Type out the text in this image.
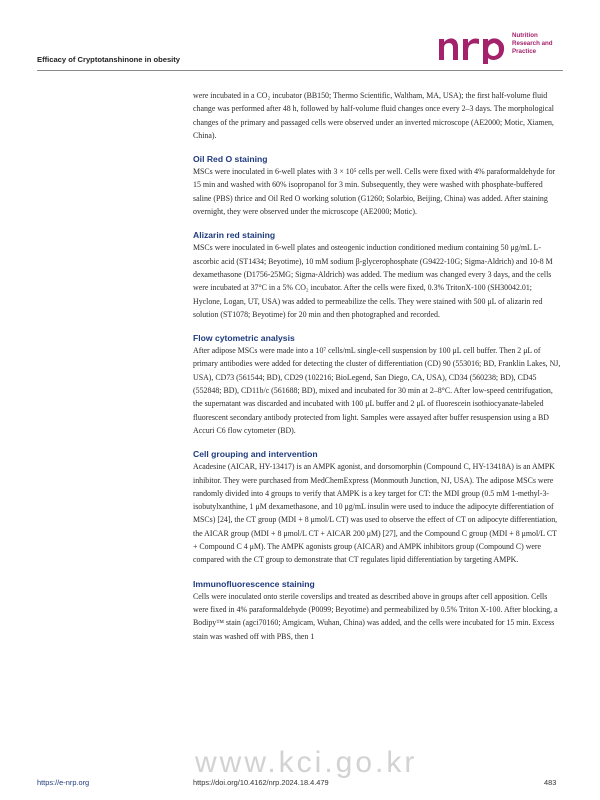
Efficacy of Cryptotanshinone in obesity
Nutrition
Research and
Practice

were incubated in a CO₂ incubator (BB150; Thermo Scientific, Waltham, MA, USA); the first half-volume fluid change was performed after 48 h, followed by half-volume fluid changes once every 2–3 days. The morphological changes of the primary and passaged cells were observed under an inverted microscope (AE2000; Motic, Xiamen, China).

Oil Red O staining

MSCs were inoculated in 6-well plates with 3 × 10⁵ cells per well. Cells were fixed with 4% paraformaldehyde for 15 min and washed with 60% isopropanol for 3 min. Subsequently, they were washed with phosphate-buffered saline (PBS) thrice and Oil Red O working solution (G1260; Solarbio, Beijing, China) was added. After staining overnight, they were observed under the microscope (AE2000; Motic).

Alizarin red staining

MSCs were inoculated in 6-well plates and osteogenic induction conditioned medium containing 50 μg/mL L-ascorbic acid (ST1434; Beyotime), 10 mM sodium β-glycerophosphate (G9422-10G; Sigma-Aldrich) and 10-8 M dexamethasone (D1756-25MG; Sigma-Aldrich) was added. The medium was changed every 3 days, and the cells were incubated at 37°C in a 5% CO₂ incubator. After the cells were fixed, 0.3% TritonX-100 (SH30042.01; Hyclone, Logan, UT, USA) was added to permeabilize the cells. They were stained with 500 μL of alizarin red solution (ST1078; Beyotime) for 20 min and then photographed and recorded.

Flow cytometric analysis

After adipose MSCs were made into a 10⁷ cells/mL single-cell suspension by 100 μL cell buffer. Then 2 μL of primary antibodies were added for detecting the cluster of differentiation (CD) 90 (553016; BD, Franklin Lakes, NJ, USA), CD73 (561544; BD), CD29 (102216; BioLegend, San Diego, CA, USA), CD34 (560238; BD), CD45 (552848; BD), CD11b/c (561688; BD), mixed and incubated for 30 min at 2–8°C. After low-speed centrifugation, the supernatant was discarded and incubated with 100 μL buffer and 2 μL of fluorescein isothiocyanate-labeled fluorescent secondary antibody protected from light. Samples were assayed after buffer resuspension using a BD Accuri C6 flow cytometer (BD).

Cell grouping and intervention

Acadesine (AICAR, HY-13417) is an AMPK agonist, and dorsomorphin (Compound C, HY-13418A) is an AMPK inhibitor. They were purchased from MedChemExpress (Monmouth Junction, NJ, USA). The adipose MSCs were randomly divided into 4 groups to verify that AMPK is a key target for CT: the MDI group (0.5 mM 1-methyl-3-isobutylxanthine, 1 μM dexamethasone, and 10 μg/mL insulin were used to induce the adipocyte differentiation of MSCs) [24], the CT group (MDI + 8 μmol/L CT) was used to observe the effect of CT on adipocyte differentiation, the AICAR group (MDI + 8 μmol/L CT + AICAR 200 μM) [27], and the Compound C group (MDI + 8 μmol/L CT + Compound C 4 μM). The AMPK agonists group (AICAR) and AMPK inhibitors group (Compound C) were compared with the CT group to demonstrate that CT regulates lipid differentiation by targeting AMPK.

Immunofluorescence staining

Cells were inoculated onto sterile coverslips and treated as described above in groups after cell apposition. Cells were fixed in 4% paraformaldehyde (P0099; Beyotime) and permeabilized by 0.5% Triton X-100. After blocking, a Bodipy™ stain (agci70160; Amgicam, Wuhan, China) was added, and the cells were incubated for 15 min. Excess stain was washed off with PBS, then 1

www.kci.go.kr
https://e-nrp.org	https://doi.org/10.4162/nrp.2024.18.4.479	483
